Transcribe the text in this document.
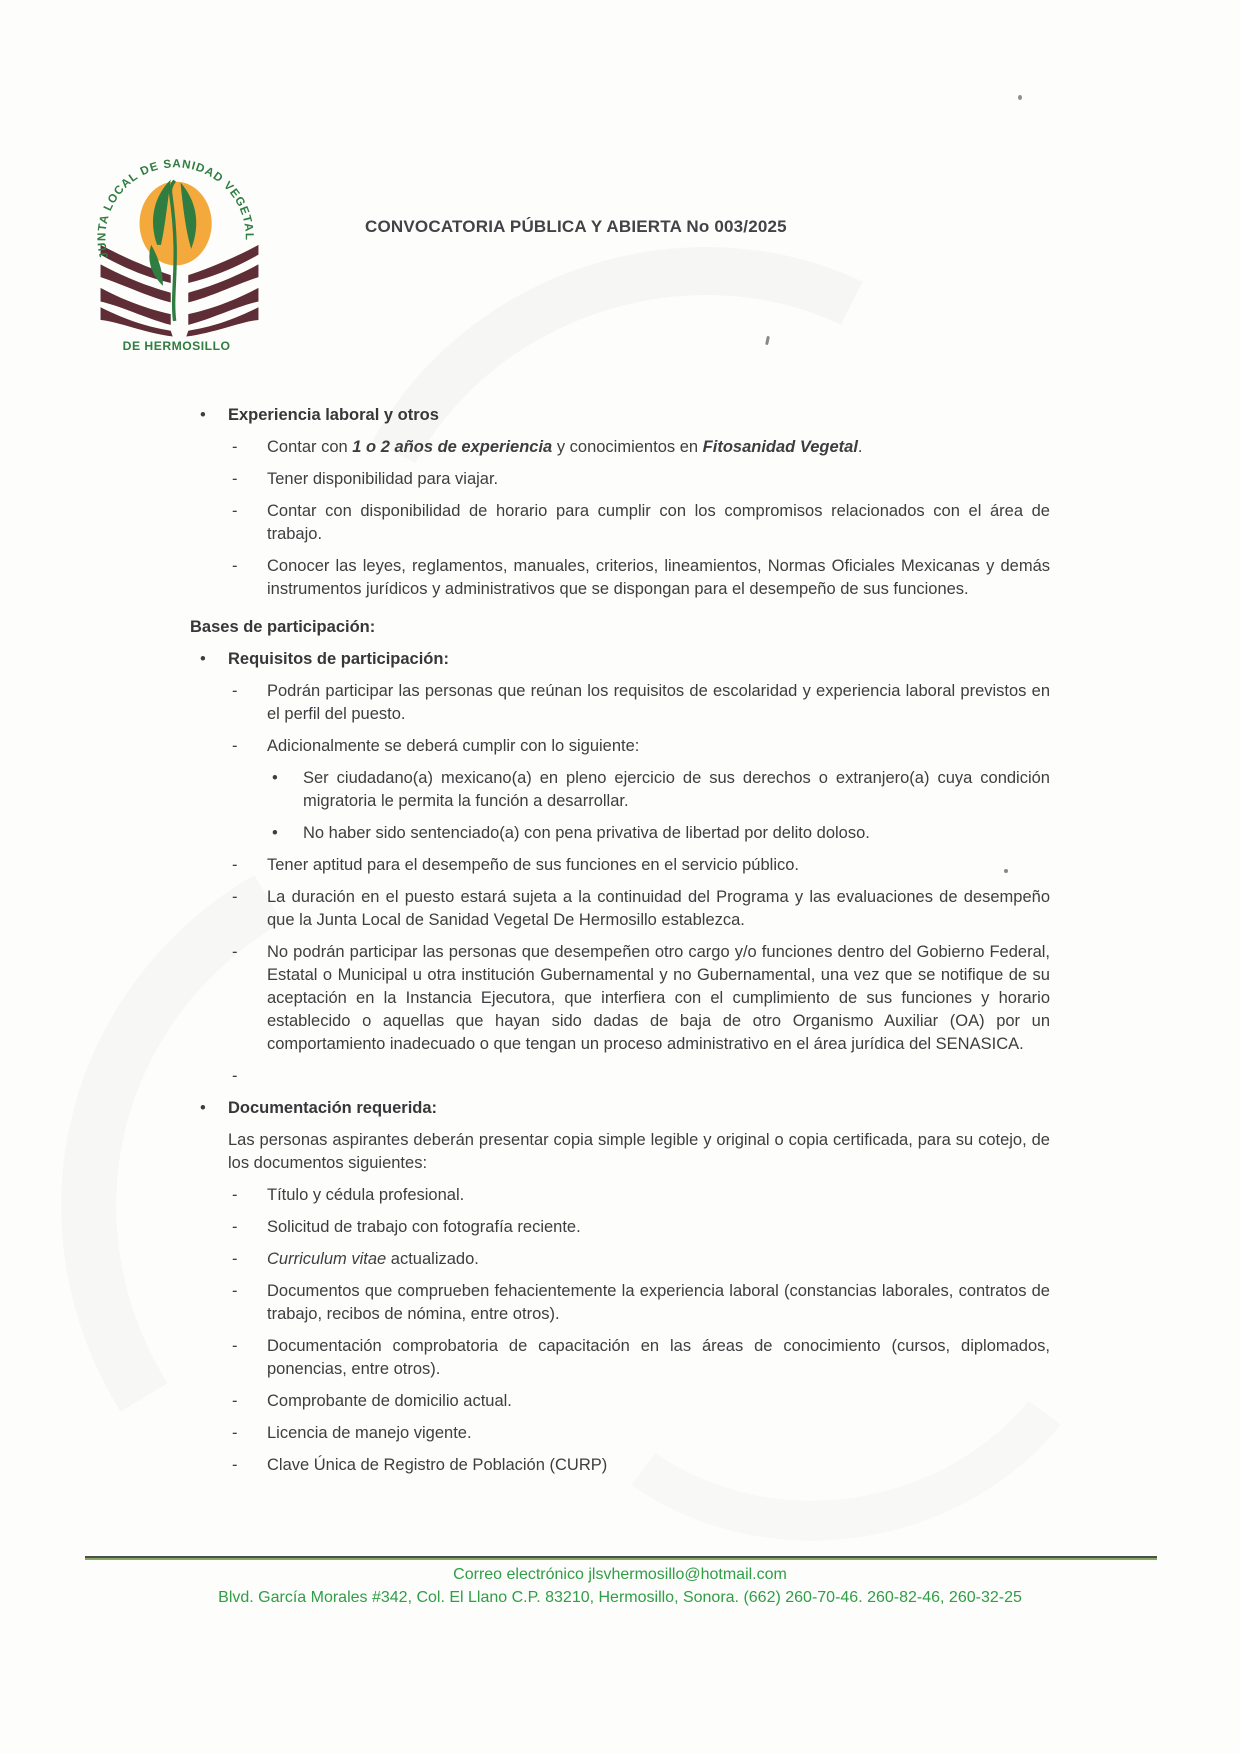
JUNTA LOCAL DE SANIDAD VEGETAL
DE HERMOSILLO
CONVOCATORIA PÚBLICA Y ABIERTA No 003/2025
•	Experiencia laboral y otros

-	Contar con 1 o 2 años de experiencia y conocimientos en Fitosanidad Vegetal.

-	Tener disponibilidad para viajar.

-	Contar con disponibilidad de horario para cumplir con los compromisos relacionados con el área de trabajo.

-	Conocer las leyes, reglamentos, manuales, criterios, lineamientos, Normas Oficiales Mexicanas y demás instrumentos jurídicos y administrativos que se dispongan para el desempeño de sus funciones.

Bases de participación:

•	Requisitos de participación:

-	Podrán participar las personas que reúnan los requisitos de escolaridad y experiencia laboral previstos en el perfil del puesto.

-	Adicionalmente se deberá cumplir con lo siguiente:

•	Ser ciudadano(a) mexicano(a) en pleno ejercicio de sus derechos o extranjero(a) cuya condición migratoria le permita la función a desarrollar.

•	No haber sido sentenciado(a) con pena privativa de libertad por delito doloso.

-	Tener aptitud para el desempeño de sus funciones en el servicio público.

-	La duración en el puesto estará sujeta a la continuidad del Programa y las evaluaciones de desempeño que la Junta Local de Sanidad Vegetal De Hermosillo establezca.

-	No podrán participar las personas que desempeñen otro cargo y/o funciones dentro del Gobierno Federal, Estatal o Municipal u otra institución Gubernamental y no Gubernamental, una vez que se notifique de su aceptación en la Instancia Ejecutora, que interfiera con el cumplimiento de sus funciones y horario establecido o aquellas que hayan sido dadas de baja de otro Organismo Auxiliar (OA) por un comportamiento inadecuado o que tengan un proceso administrativo en el área jurídica del SENASICA.

-

•	Documentación requerida:

Las personas aspirantes deberán presentar copia simple legible y original o copia certificada, para su cotejo, de los documentos siguientes:

-	Título y cédula profesional.

-	Solicitud de trabajo con fotografía reciente.

-	Curriculum vitae actualizado.

-	Documentos que comprueben fehacientemente la experiencia laboral (constancias laborales, contratos de trabajo, recibos de nómina, entre otros).

-	Documentación comprobatoria de capacitación en las áreas de conocimiento (cursos, diplomados, ponencias, entre otros).

-	Comprobante de domicilio actual.

-	Licencia de manejo vigente.

-	Clave Única de Registro de Población (CURP)

Correo electrónico jlsvhermosillo@hotmail.com
Blvd. García Morales #342, Col. El Llano C.P. 83210, Hermosillo, Sonora. (662) 260-70-46. 260-82-46, 260-32-25
